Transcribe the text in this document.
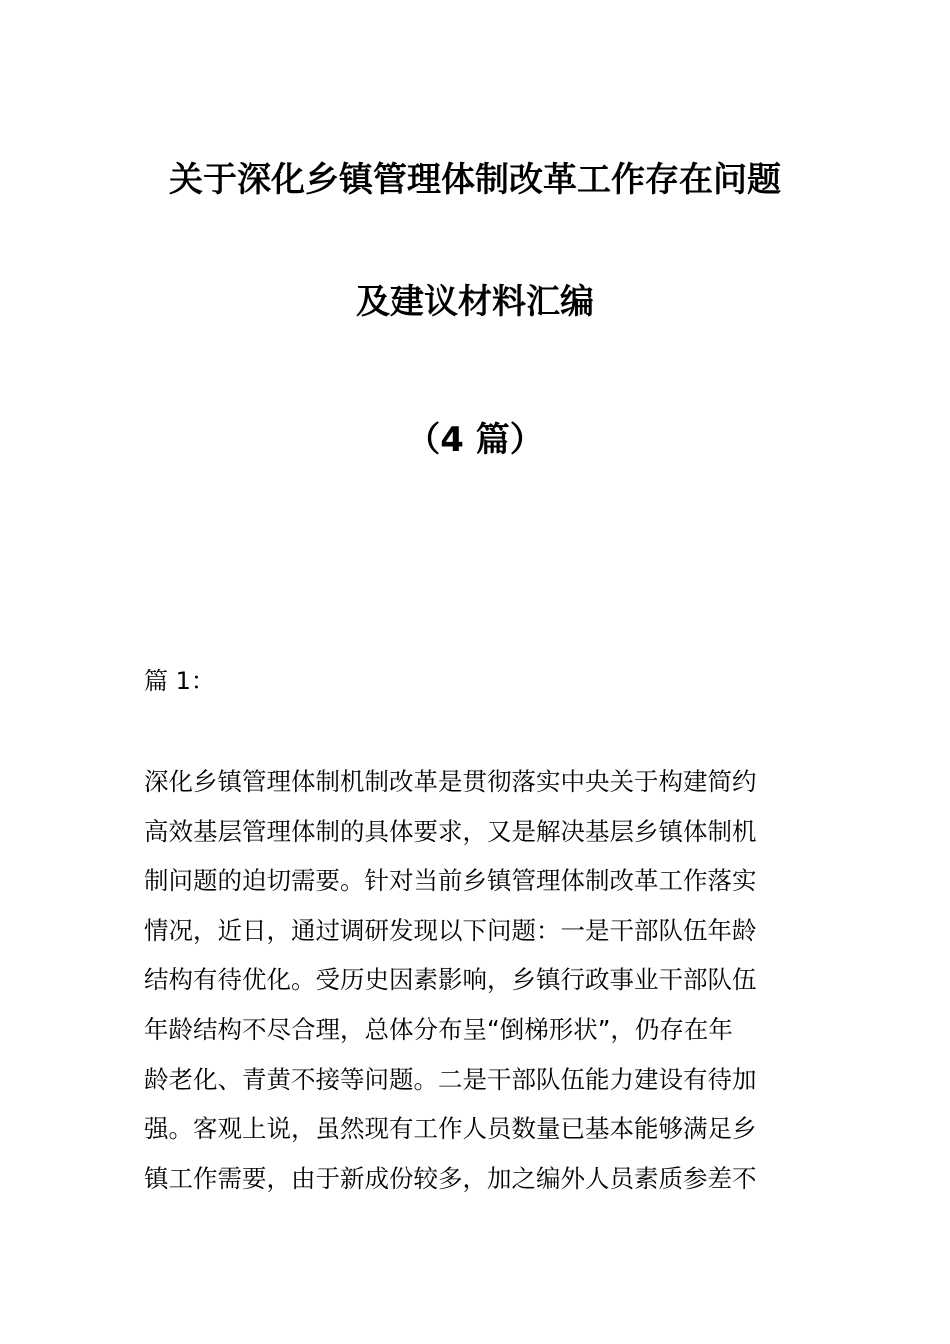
关于深化乡镇管理体制改革工作存在问题
及建议材料汇编
（4 篇）
篇 1：
深化乡镇管理体制机制改革是贯彻落实中央关于构建简约
高效基层管理体制的具体要求，又是解决基层乡镇体制机
制问题的迫切需要。针对当前乡镇管理体制改革工作落实
情况，近日，通过调研发现以下问题：一是干部队伍年龄
结构有待优化。受历史因素影响，乡镇行政事业干部队伍
年龄结构不尽合理，总体分布呈“倒梯形状”，仍存在年
龄老化、青黄不接等问题。二是干部队伍能力建设有待加
强。客观上说，虽然现有工作人员数量已基本能够满足乡
镇工作需要，由于新成份较多，加之编外人员素质参差不
